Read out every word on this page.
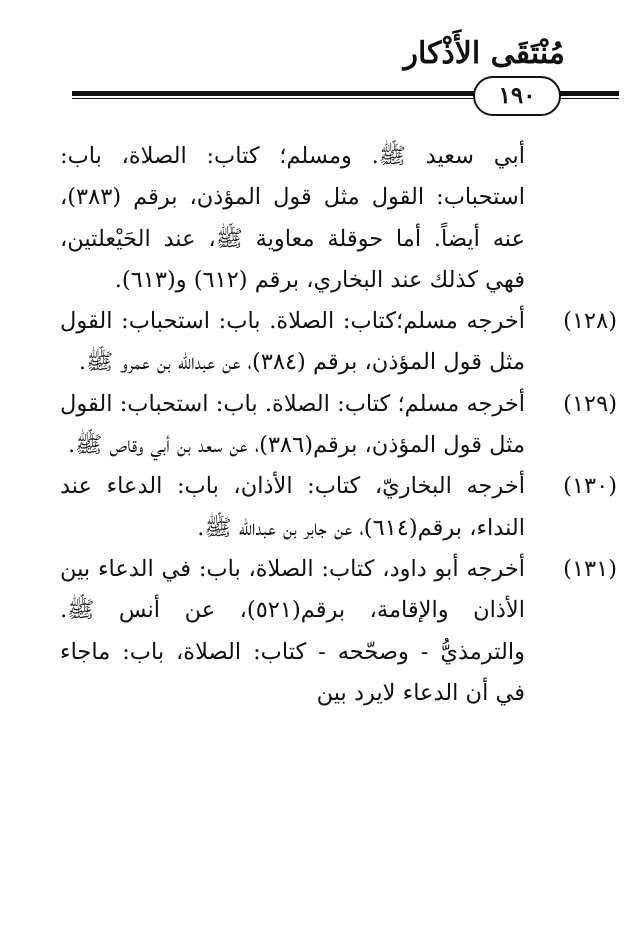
مُنْتَقَى الأَذْكار
١٩٠

أبي سعيد ﷺ. ومسلم؛ كتاب: الصلاة، باب: استحباب: القول مثل قول المؤذن، برقم (٣٨٣)، عنه أيضاً. أما حوقلة معاوية ﷺ، عند الحَيْعلتين، فهي كذلك عند البخاري، برقم (٦١٢) و(٦١٣).

(١٢٨)
أخرجه مسلم؛كتاب: الصلاة. باب: استحباب: القول مثل قول المؤذن، برقم (٣٨٤)، عن عبدالله بن عمرو ﷺ.

(١٢٩)
أخرجه مسلم؛ كتاب: الصلاة. باب: استحباب: القول مثل قول المؤذن، برقم(٣٨٦)، عن سعد بن أبي وقاص ﷺ.

(١٣٠)
أخرجه البخاريّ، كتاب: الأذان، باب: الدعاء عند النداء، برقم(٦١٤)، عن جابر بن عبدالله ﷺ.

(١٣١)
أخرجه أبو داود، كتاب: الصلاة، باب: في الدعاء بين الأذان والإقامة، برقم(٥٢١)، عن أنس ﷺ. والترمذيُّ - وصحّحه - كتاب: الصلاة، باب: ماجاء في أن الدعاء لايرد بين
